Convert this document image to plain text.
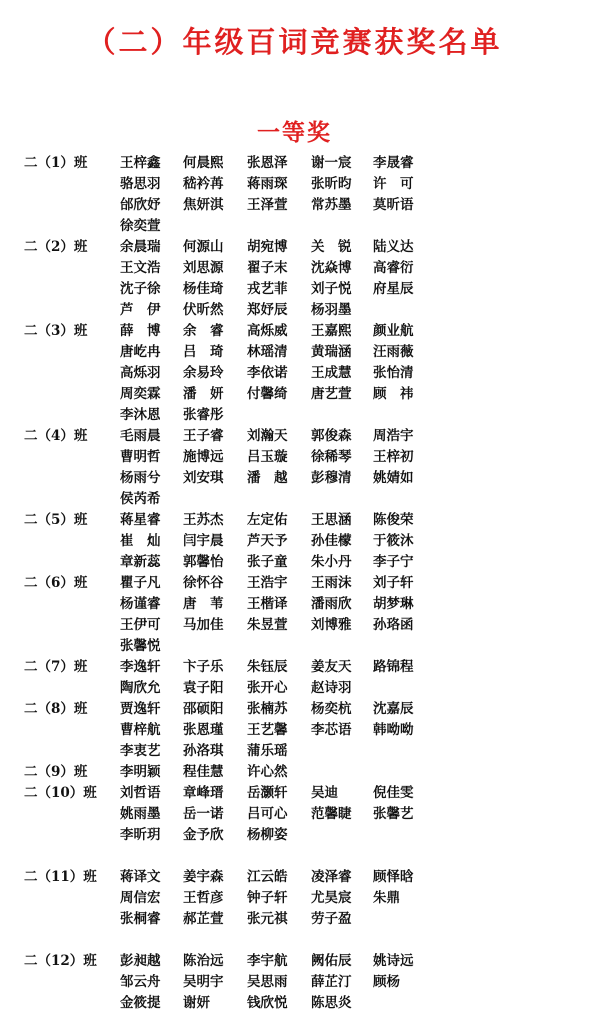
（二）年级百词竞赛获奖名单
一等奖
二（1）班 王梓鑫 何晨熙 张恩泽 谢一宸 李晟睿
骆思羽 嵇衿苒 蒋雨琛 张昕昀 许　可
邰欣妤 焦妍淇 王泽萱 常苏墨 莫昕语
徐奕萱
二（2）班 余晨瑞 何源山 胡宛博 关　锐 陆义达
王文浩 刘思源 翟子末 沈焱博 高睿衍
沈子徐 杨佳琦 戎艺菲 刘子悦 府星辰
芦　伊 伏昕然 郑妤辰 杨羽墨
二（3）班 薛　博 余　睿 高烁威 王嘉熙 颜业航
唐屹冉 吕　琦 林瑶清 黄瑞涵 汪雨薇
高烁羽 余易玲 李依诺 王成慧 张怡清
周奕霖 潘　妍 付馨绮 唐艺萱 顾　祎
李沐恩 张睿彤
二（4）班 毛雨晨 王子睿 刘瀚天 郭俊森 周浩宇
曹明哲 施博远 吕玉璇 徐稀琴 王梓初
杨雨兮 刘安琪 潘　越 彭穆清 姚婧如
侯芮希
二（5）班 蒋星睿 王苏杰 左定佑 王思涵 陈俊荣
崔　灿 闫宇晨 芦天予 孙佳檬 于筱沐
章新蕊 郭馨怡 张子童 朱小丹 李子宁
二（6）班 瞿子凡 徐怀谷 王浩宇 王雨沫 刘子轩
杨谨睿 唐　苇 王楷译 潘雨欣 胡梦琳
王伊可 马加佳 朱昱萱 刘博雅 孙珞函
张馨悦
二（7）班 李逸轩 卞子乐 朱钰辰 姜友天 路锦程
陶欣允 袁子阳 张开心 赵诗羽
二（8）班 贾逸轩 邵硕阳 张楠苏 杨奕杭 沈嘉辰
曹梓航 张恩瑾 王艺馨 李芯语 韩呦呦
李衷艺 孙洛琪 蒲乐瑶
二（9）班 李明颖 程佳慧 许心然
二（10）班 刘哲语 章峰瑨 岳灏轩 吴迪	倪佳雯
姚雨墨 岳一诺 吕可心 范馨睫 张馨艺
李昕玥 金予欣 杨柳姿
二（11）班 蒋译文 姜宇森 江云皓 凌泽睿 顾怿晗
周信宏 王哲彦 钟子轩 尤昊宸 朱鼎
张桐睿 郝芷萱 张元祺 劳子盈
二（12）班 彭昶越 陈治远 李宇航 阙佑辰 姚诗远
邹云舟 吴明宇 吴思雨 薛芷汀 顾杨
金筱提 谢妍	钱欣悦 陈思炎
